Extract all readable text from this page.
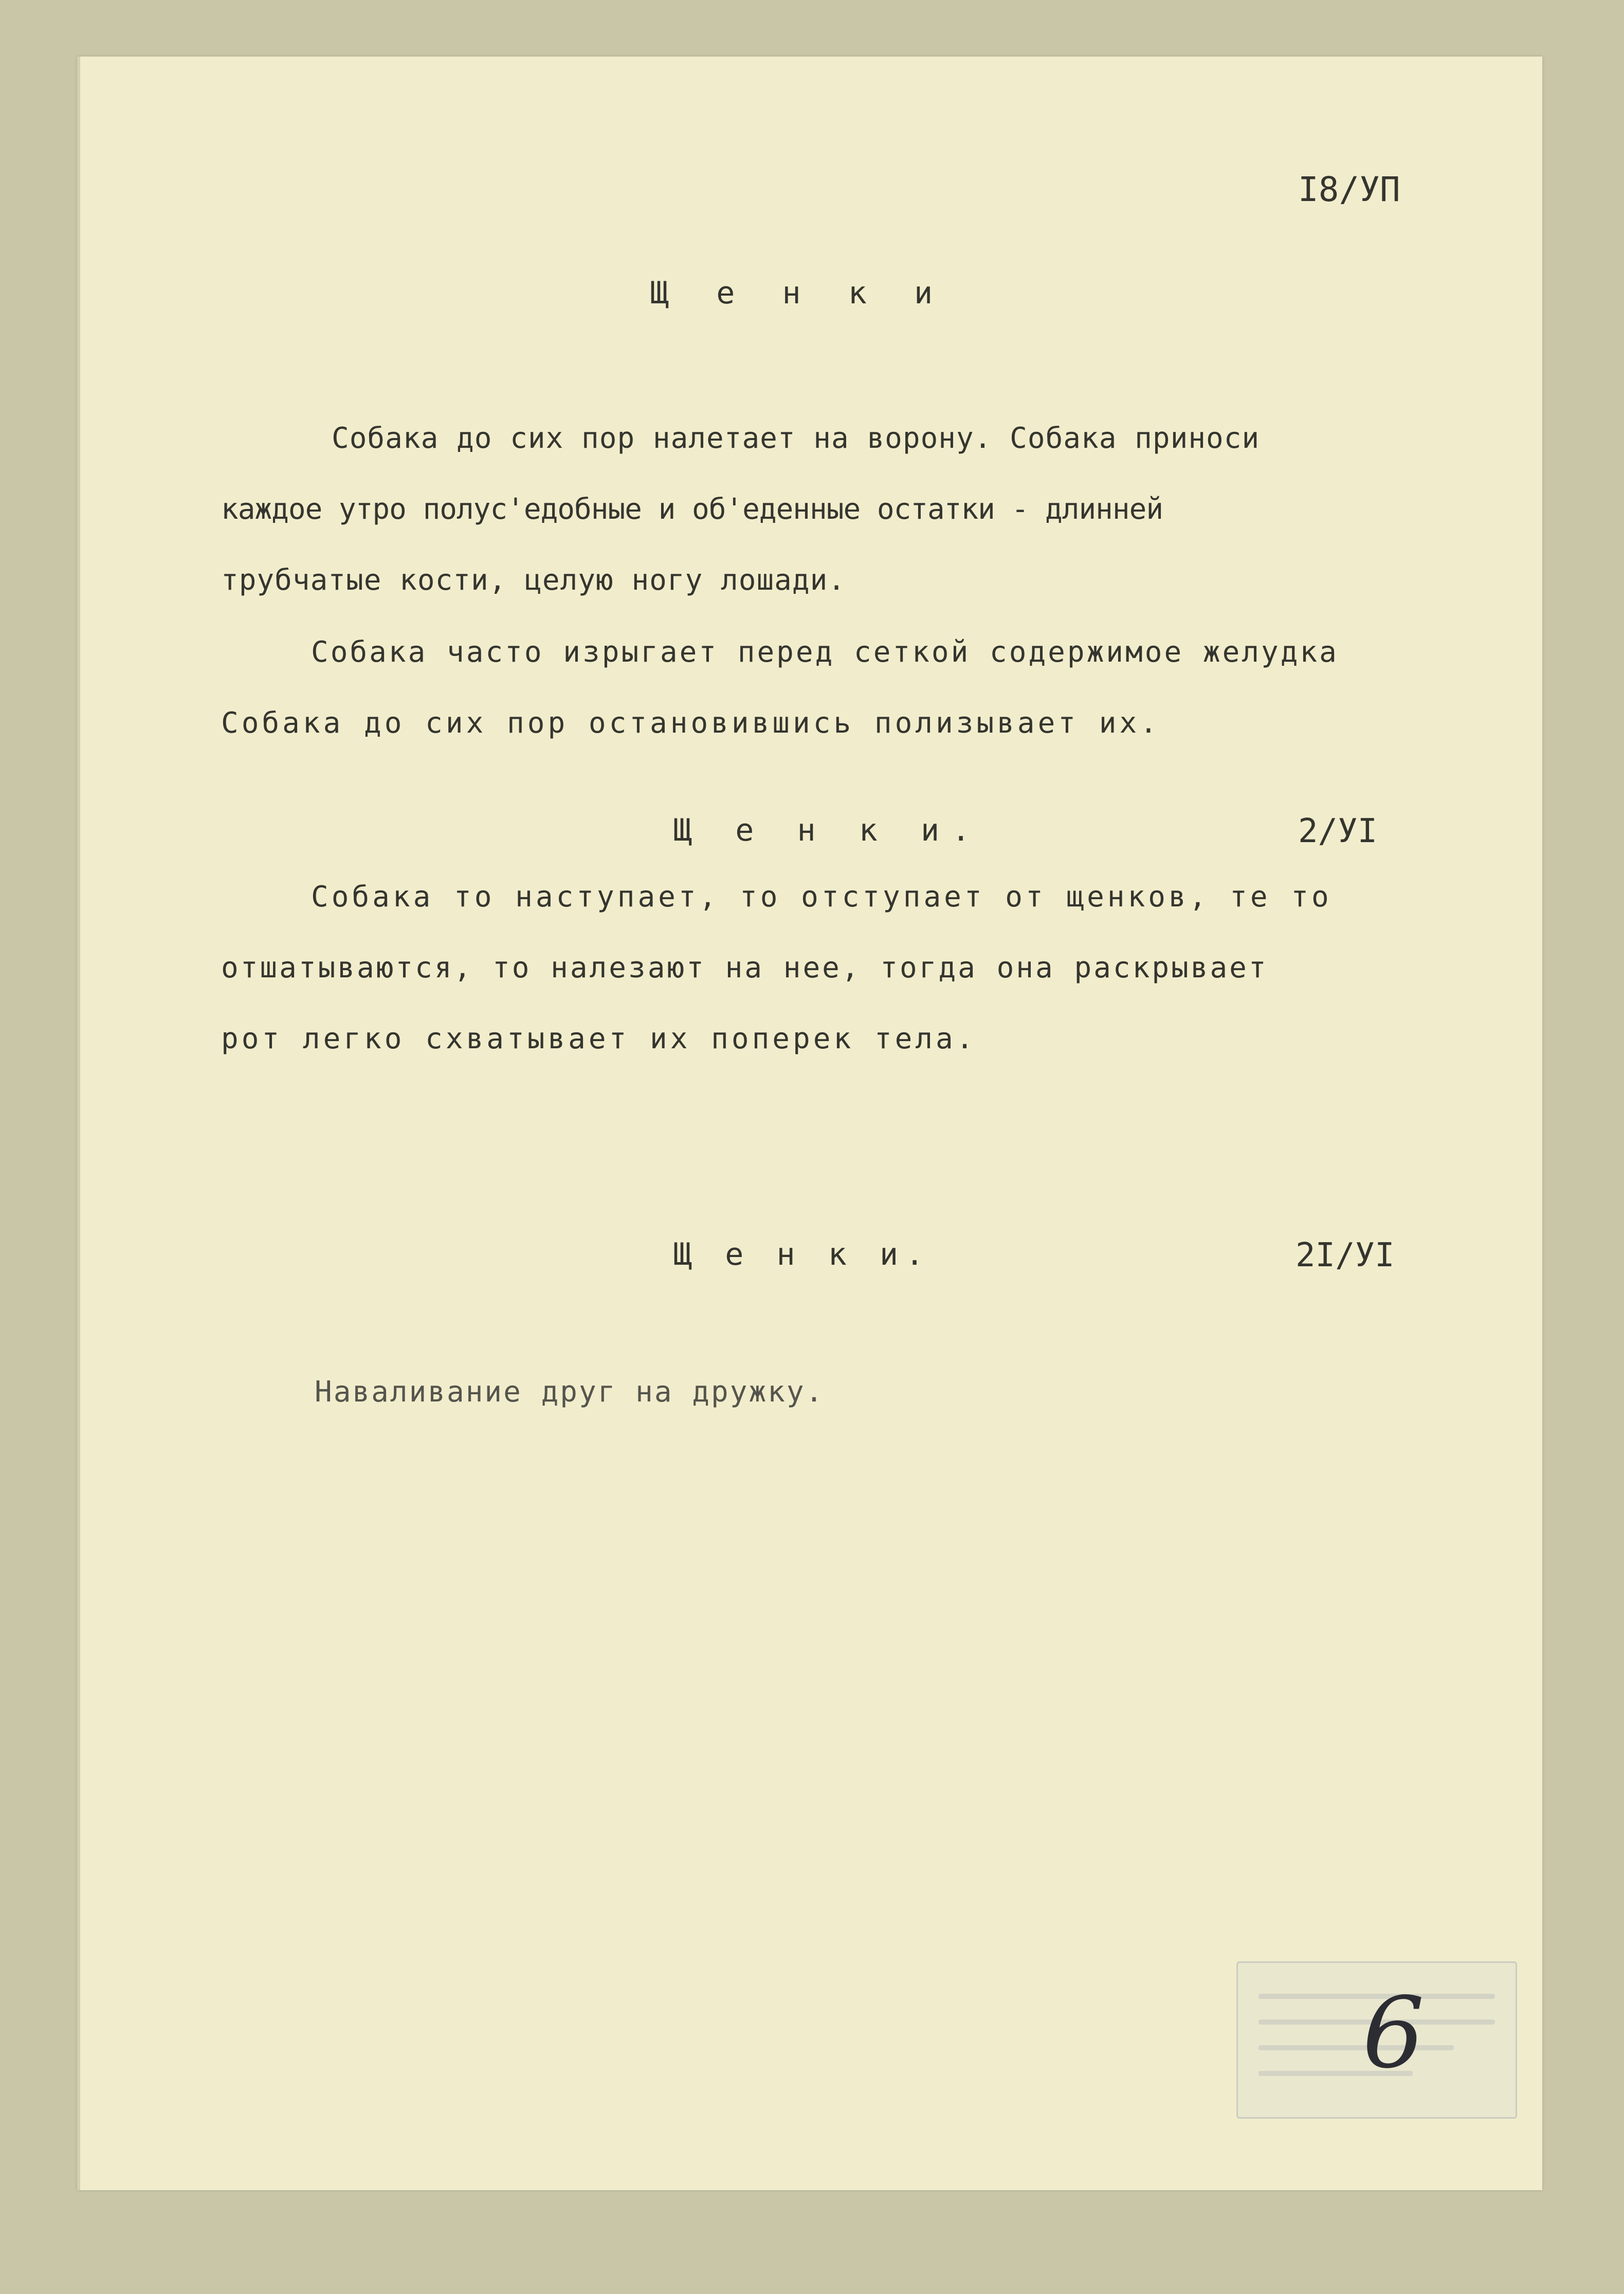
I8/УП

Щ е н к и

Собака до сих пор налетает на ворону. Собака приноси

каждое утро полус'едобные и об'еденные остатки - длинней

трубчатые кости, целую ногу лошади.

Собака часто изрыгает перед сеткой содержимое желудка

Собака до сих пор остановившись полизывает их.

Щ е н к и.	2/УI

Собака то наступает, то отступает от щенков, те то

отшатываются, то налезают на нее, тогда она раскрывает

рот легко схватывает их поперек тела.

Щ е н к и.	2I/УI

Наваливание друг на дружку.

6
